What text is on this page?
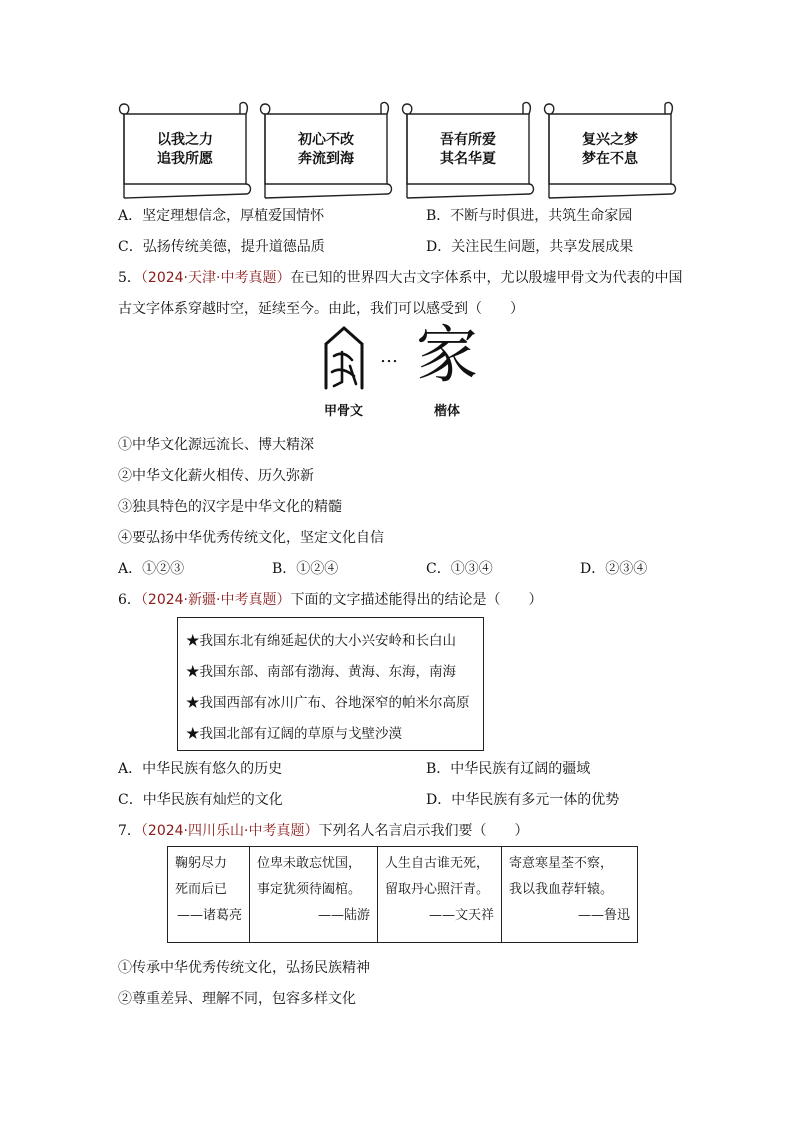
以我之力
追我所愿
初心不改
奔流到海
吾有所爱
其名华夏
复兴之梦
梦在不息
A．坚定理想信念，厚植爱国情怀	B．不断与时俱进，共筑生命家园
C．弘扬传统美德，提升道德品质	D．关注民生问题，共享发展成果
5．（2024·天津·中考真题）在已知的世界四大古文字体系中，尤以殷墟甲骨文为代表的中国
古文字体系穿越时空，延续至今。由此，我们可以感受到（　　）
… 家
甲骨文	楷体
①中华文化源远流长、博大精深
②中华文化薪火相传、历久弥新
③独具特色的汉字是中华文化的精髓
④要弘扬中华优秀传统文化，坚定文化自信
A．①②③	B．①②④	C．①③④	D．②③④
6．（2024·新疆·中考真题）下面的文字描述能得出的结论是（　　）
★我国东北有绵延起伏的大小兴安岭和长白山
★我国东部、南部有渤海、黄海、东海，南海
★我国西部有冰川广布、谷地深窄的帕米尔高原
★我国北部有辽阔的草原与戈壁沙漠
A．中华民族有悠久的历史	B．中华民族有辽阔的疆域
C．中华民族有灿烂的文化	D．中华民族有多元一体的优势
7．（2024·四川乐山·中考真题）下列名人名言启示我们要（　　）
鞠躬尽力
死而后已
——诸葛亮

位卑未敢忘忧国，
事定犹须待阖棺。
——陆游

人生自古谁无死，
留取丹心照汗青。
——文天祥

寄意寒星荃不察，
我以我血荐轩辕。
——鲁迅
①传承中华优秀传统文化，弘扬民族精神
②尊重差异、理解不同，包容多样文化
